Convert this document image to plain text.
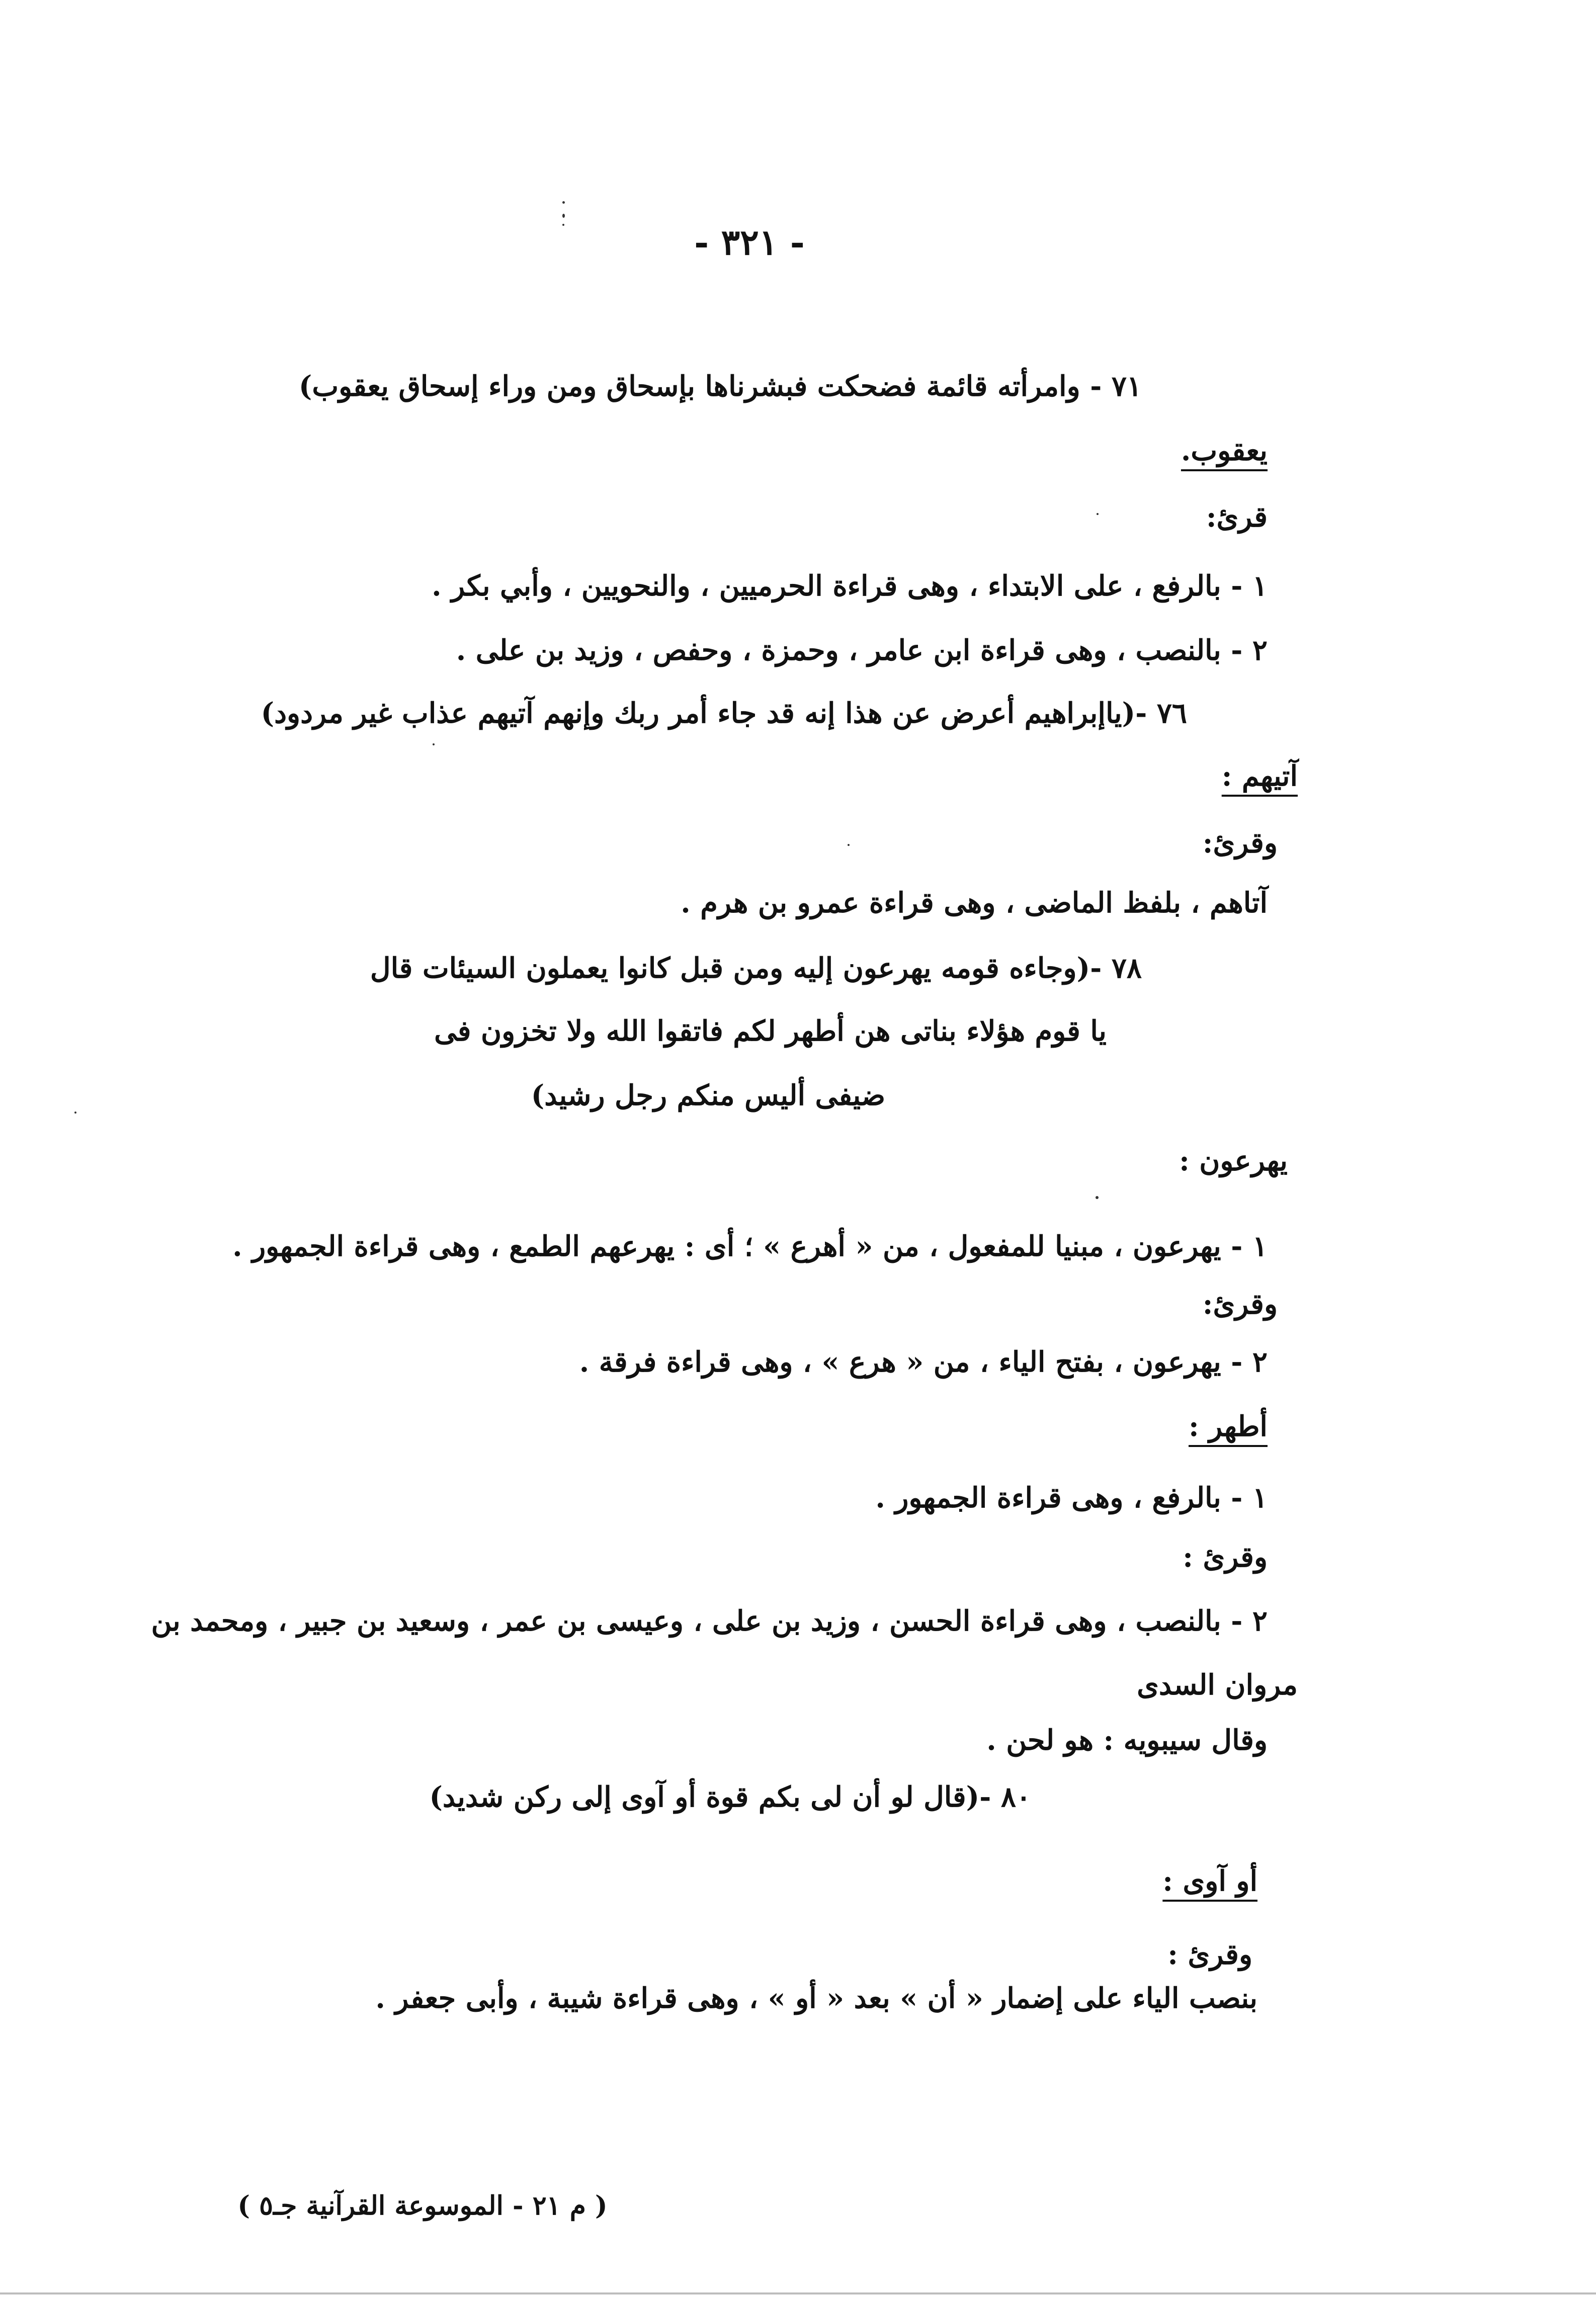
- ٣٢١ -
٧١ - وامرأته قائمة فضحكت فبشرناها بإسحاق ومن وراء إسحاق يعقوب)
يعقوب.
قرئ:
١ - بالرفع ، على الابتداء ، وهى قراءة الحرميين ، والنحويين ، وأبي بكر .
٢ - بالنصب ، وهى قراءة ابن عامر ، وحمزة ، وحفص ، وزيد بن على .
٧٦ -(ياإبراهيم أعرض عن هذا إنه قد جاء أمر ربك وإنهم آتيهم عذاب غير مردود)
آتيهم :
وقرئ:
آتاهم ، بلفظ الماضى ، وهى قراءة عمرو بن هرم .
٧٨ -(وجاءه قومه يهرعون إليه ومن قبل كانوا يعملون السيئات قال
يا قوم هؤلاء بناتى هن أطهر لكم فاتقوا الله ولا تخزون فى
ضيفى أليس منكم رجل رشيد)
يهرعون :
١ - يهرعون ، مبنيا للمفعول ، من « أهرع » ؛ أى : يهرعهم الطمع ، وهى قراءة الجمهور .
وقرئ:
٢ - يهرعون ، بفتح الياء ، من « هرع » ، وهى قراءة فرقة .
أطهر :
١ - بالرفع ، وهى قراءة الجمهور .
وقرئ :
٢ - بالنصب ، وهى قراءة الحسن ، وزيد بن على ، وعيسى بن عمر ، وسعيد بن جبير ، ومحمد بن
مروان السدى
وقال سيبويه : هو لحن .
٨٠ -(قال لو أن لى بكم قوة أو آوى إلى ركن شديد)
أو آوى :
وقرئ :
بنصب الياء على إضمار « أن » بعد « أو » ، وهى قراءة شيبة ، وأبى جعفر .
( م ٢١ - الموسوعة القرآنية جـ٥ )
